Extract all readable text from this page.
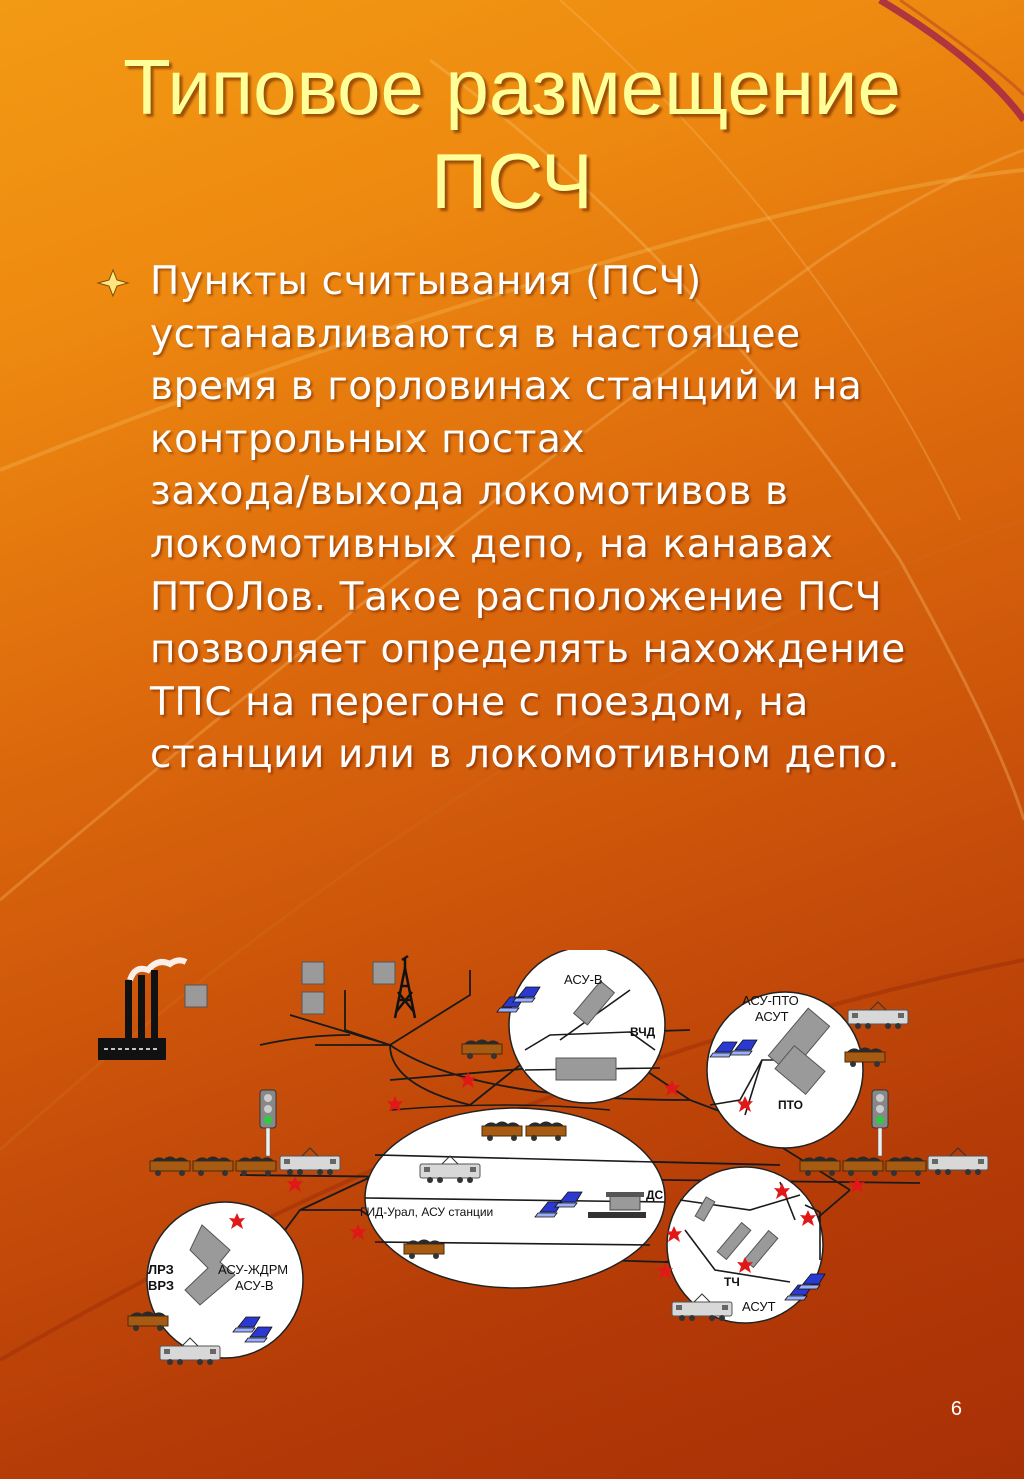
Типовое размещение
ПСЧ
Пункты считывания (ПСЧ)
устанавливаются в настоящее
время в горловинах станций и на
контрольных постах
захода/выхода локомотивов в
локомотивных депо, на канавах
ПТОЛов. Такое расположение ПСЧ
позволяет определять нахождение
ТПС на перегоне с поездом, на
станции или в локомотивном депо.
АСУ-В
ВЧД
АСУ-ПТО
АСУТ
ПТО
ДС
ГИД-Урал, АСУ станции
ЛРЗ
ВРЗ
АСУ-ЖДРМ
АСУ-В	ТЧ
АСУТ
6
